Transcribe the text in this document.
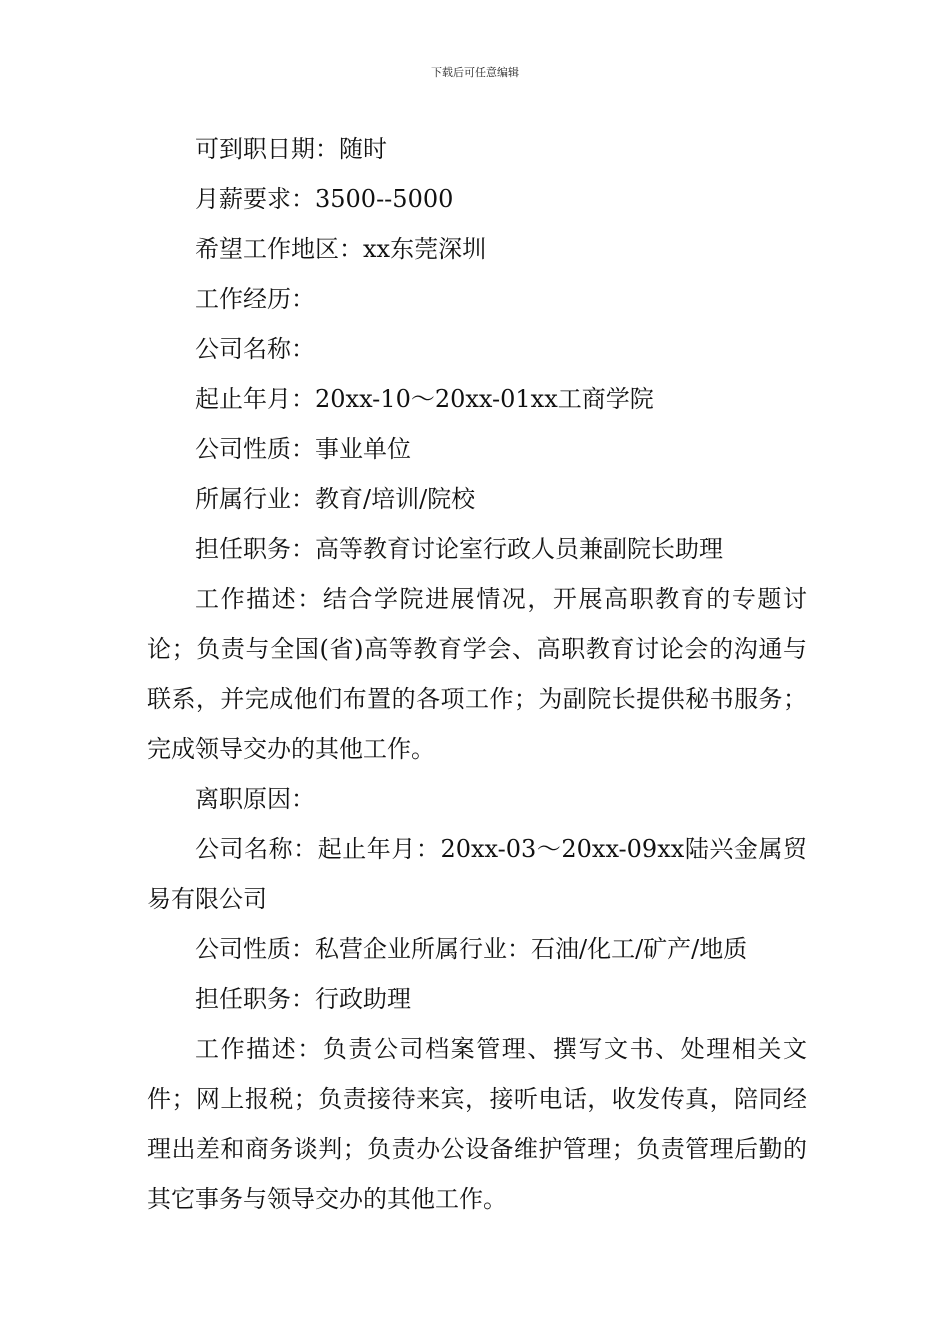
下载后可任意编辑

可到职日期：随时

月薪要求：3500--5000

希望工作地区：xx东莞深圳

工作经历：

公司名称：

起止年月：20xx-10～20xx-01xx工商学院

公司性质：事业单位

所属行业：教育/培训/院校

担任职务：高等教育讨论室行政人员兼副院长助理

工作描述：结合学院进展情况，开展高职教育的专题讨论；负责与全国(省)高等教育学会、高职教育讨论会的沟通与联系，并完成他们布置的各项工作；为副院长提供秘书服务；完成领导交办的其他工作。

离职原因：

公司名称：起止年月：20xx-03～20xx-09xx陆兴金属贸易有限公司

公司性质：私营企业所属行业：石油/化工/矿产/地质

担任职务：行政助理

工作描述：负责公司档案管理、撰写文书、处理相关文件；网上报税；负责接待来宾，接听电话，收发传真，陪同经理出差和商务谈判；负责办公设备维护管理；负责管理后勤的其它事务与领导交办的其他工作。
